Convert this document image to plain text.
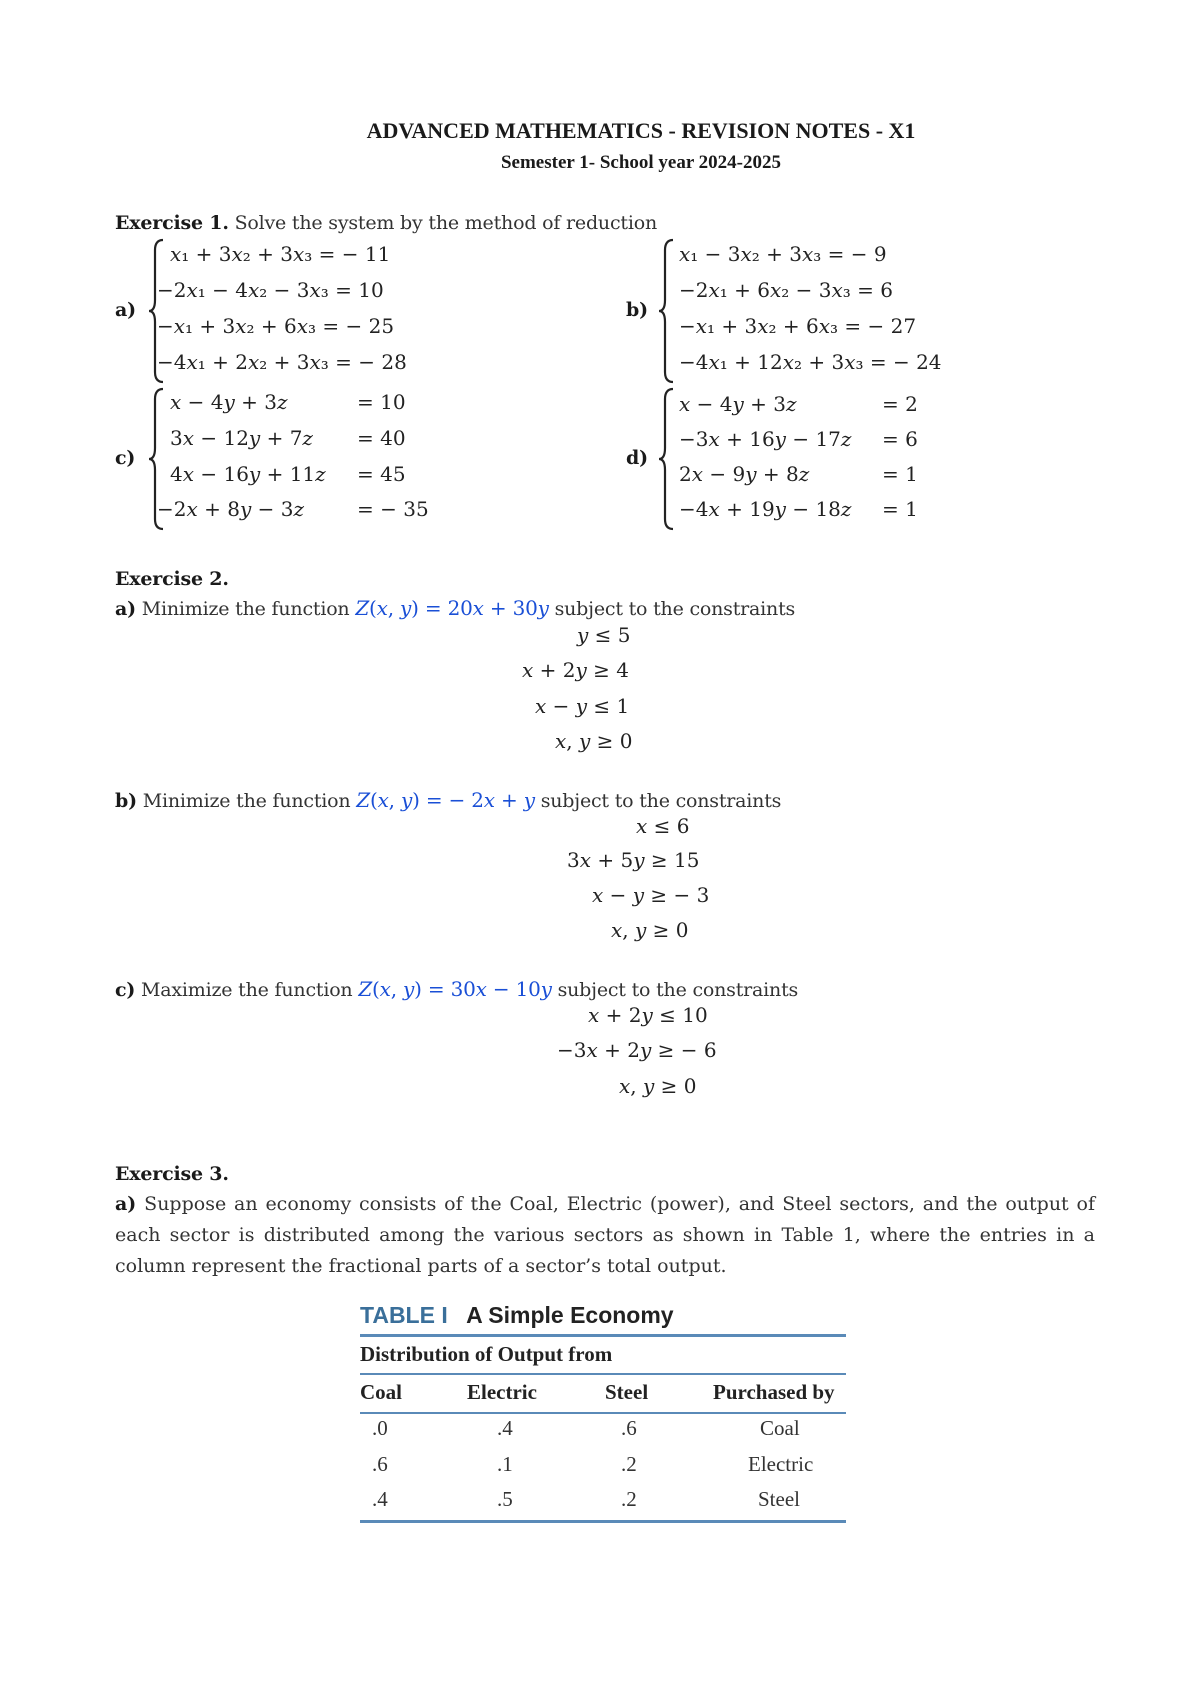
ADVANCED MATHEMATICS - REVISION NOTES - X1
Semester 1- School year 2024-2025
Exercise 1. Solve the system by the method of reduction
a)
𝑥₁ + 3𝑥₂ + 3𝑥₃ = − 11
−2𝑥₁ − 4𝑥₂ − 3𝑥₃ = 10
−𝑥₁ + 3𝑥₂ + 6𝑥₃ = − 25
−4𝑥₁ + 2𝑥₂ + 3𝑥₃ = − 28
b)
𝑥₁ − 3𝑥₂ + 3𝑥₃ = − 9
−2𝑥₁ + 6𝑥₂ − 3𝑥₃ = 6
−𝑥₁ + 3𝑥₂ + 6𝑥₃ = − 27
−4𝑥₁ + 12𝑥₂ + 3𝑥₃ = − 24
c)
𝑥 − 4𝑦 + 3𝑧	= 10
3𝑥 − 12𝑦 + 7𝑧 = 40
4𝑥 − 16𝑦 + 11𝑧 = 45
−2𝑥 + 8𝑦 − 3𝑧	= − 35
d)
𝑥 − 4𝑦 + 3𝑧	= 2
−3𝑥 + 16𝑦 − 17𝑧 = 6
2𝑥 − 9𝑦 + 8𝑧	= 1
−4𝑥 + 19𝑦 − 18𝑧 = 1
Exercise 2.
a) Minimize the function 𝑍(𝑥, 𝑦) = 20𝑥 + 30𝑦 subject to the constraints
𝑦 ≤ 5
𝑥 + 2𝑦 ≥ 4
𝑥 − 𝑦 ≤ 1
𝑥, 𝑦 ≥ 0
b) Minimize the function 𝑍(𝑥, 𝑦) = − 2𝑥 + 𝑦 subject to the constraints
𝑥 ≤ 6
3𝑥 + 5𝑦 ≥ 15
𝑥 − 𝑦 ≥ − 3
𝑥, 𝑦 ≥ 0
c) Maximize the function 𝑍(𝑥, 𝑦) = 30𝑥 − 10𝑦 subject to the constraints
𝑥 + 2𝑦 ≤ 10
−3𝑥 + 2𝑦 ≥ − 6
𝑥, 𝑦 ≥ 0
Exercise 3.
a) Suppose an economy consists of the Coal, Electric (power), and Steel sectors, and the output of each sector is distributed among the various sectors as shown in Table 1, where the entries in a column represent the fractional parts of a sector’s total output.
TABLE I A Simple Economy
Distribution of Output from
Coal	Electric	Steel	Purchased by
.0	.4	.6	Coal
.6	.1	.2	Electric
.4	.5	.2	Steel
